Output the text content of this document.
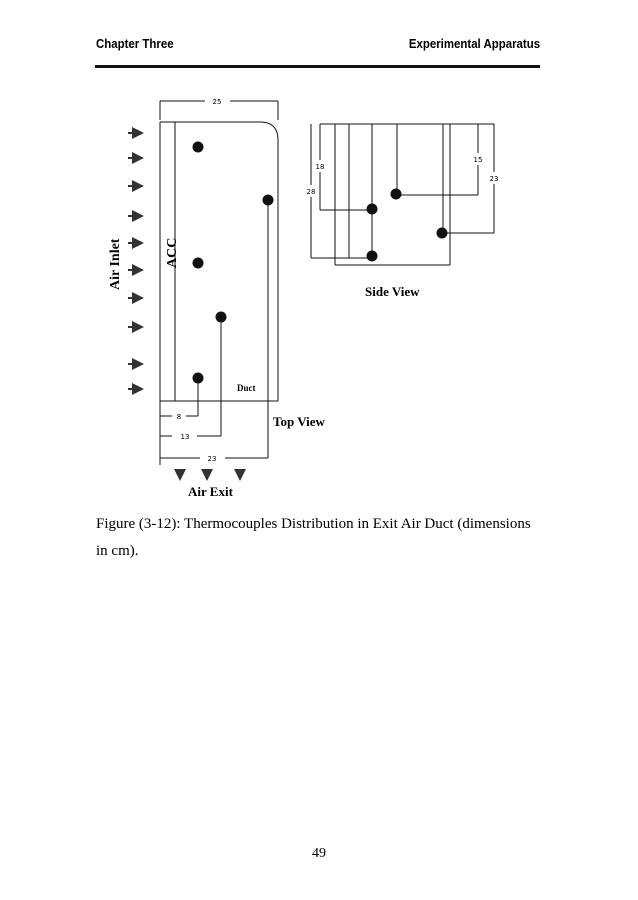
Chapter Three	Experimental Apparatus
25
8
13
23
Air Inlet	ACC
Duct
Top View
Air Exit
18
28
15
23
Side View
Figure (3-12): Thermocouples Distribution in Exit Air Duct (dimensions in cm).
49
